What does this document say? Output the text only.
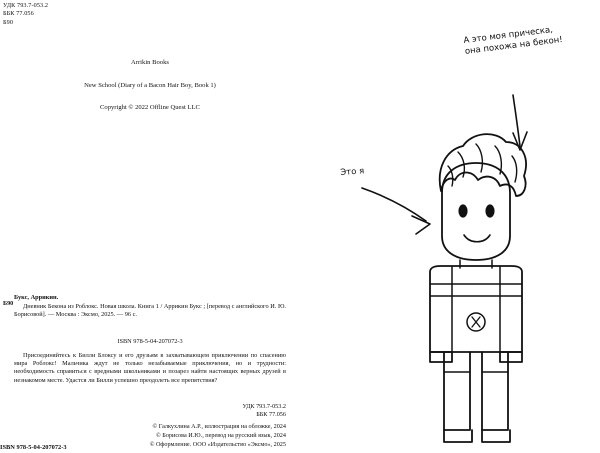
УДК 793.7-053.2
ББК 77.056
Б90
Б90
Arrikin Books
New School (Diary of a Bacon Hair Boy, Book 1)
Copyright © 2022 Offline Quest LLC
Букс, Аррикин.
Дневник Бекона из Роблокс. Новая школа. Книга 1 / Аррикин Букс ; [перевод с английского И. Ю. Борисовой]. — Москва : Эксмо, 2025. — 96 с.
ISBN 978-5-04-207072-3
Присоединяйтесь к Билли Блоксу и его друзьям в захватывающем приключении по спасению мира Роблокс! Мальчика ждут не только незабываемые приключения, но и трудности: необходимость справиться с вредными школьниками и позарез найти настоящих верных друзей в незнакомом месте. Удастся ли Билли успешно преодолеть все препятствия?
УДК 793.7-053.2
ББК 77.056
© Галкухлина А.Р., иллюстрация на обложке, 2024
© Борисова И.Ю., перевод на русский язык, 2024
© Оформление. ООО «Издательство «Эксмо», 2025
ISBN 978-5-04-207072-3
А это моя прическа,
она похожа на бекон!
Это я
